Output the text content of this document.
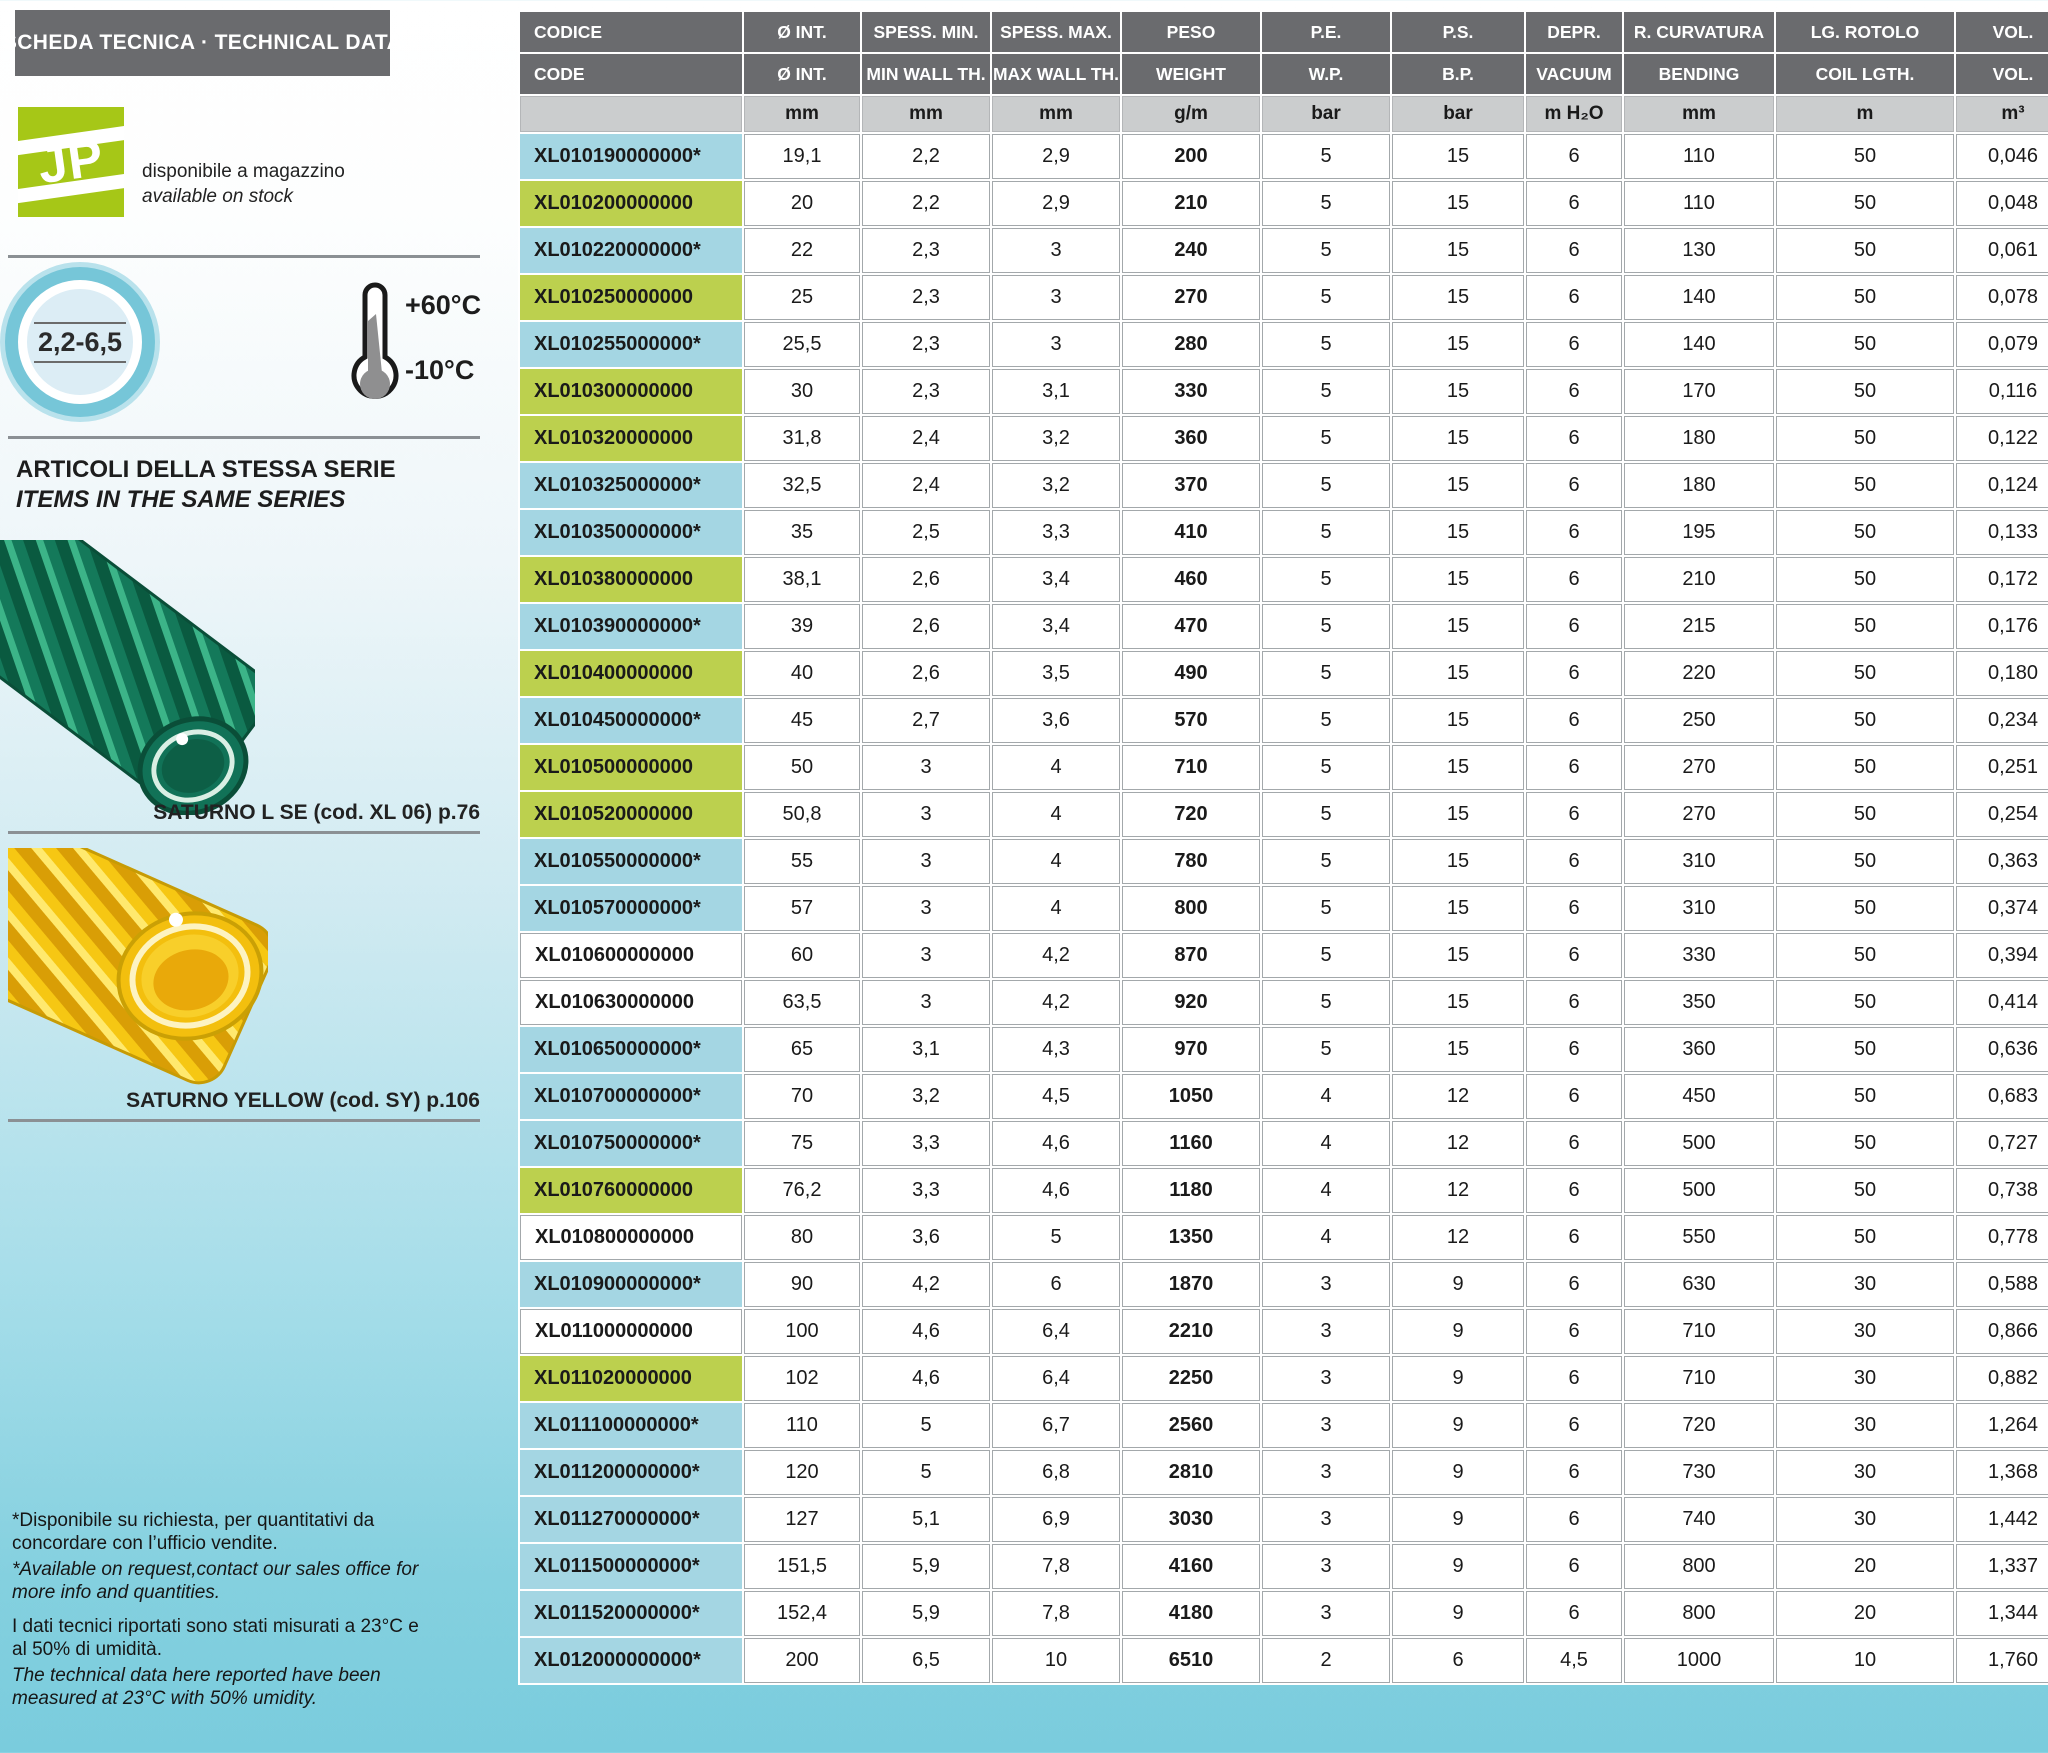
SCHEDA TECNICA · TECHNICAL DATA
JP	disponibile a magazzino
available on stock
2,2-6,5
+60°C
-10°C
ARTICOLI DELLA STESSA SERIE
ITEMS IN THE SAME SERIES
SATURNO L SE (cod. XL 06) p.76
SATURNO YELLOW (cod. SY) p.106

*Disponibile su richiesta, per quantitativi da concordare con l’ufficio vendite.

*Available on request,contact our sales office for more info and quantities.

I dati tecnici riportati sono stati misurati a 23°C e al 50% di umidità.

The technical data here reported have been measured at 23°C with 50% umidity.

CODICE	Ø INT.	SPESS. MIN.	SPESS. MAX.	PESO	P.E.	P.S.	DEPR.	R. CURVATURA	LG. ROTOLO	VOL.
CODE	Ø INT.	MIN WALL TH.	MAX WALL TH.	WEIGHT	W.P.	B.P.	VACUUM	BENDING	COIL LGTH.	VOL.
	mm	mm	mm	g/m	bar	bar	m H₂O	mm	m	m³
XL010190000000*	19,1	2,2	2,9	200	5	15	6	110	50	0,046
XL010200000000	20	2,2	2,9	210	5	15	6	110	50	0,048
XL010220000000*	22	2,3	3	240	5	15	6	130	50	0,061
XL010250000000	25	2,3	3	270	5	15	6	140	50	0,078
XL010255000000*	25,5	2,3	3	280	5	15	6	140	50	0,079
XL010300000000	30	2,3	3,1	330	5	15	6	170	50	0,116
XL010320000000	31,8	2,4	3,2	360	5	15	6	180	50	0,122
XL010325000000*	32,5	2,4	3,2	370	5	15	6	180	50	0,124
XL010350000000*	35	2,5	3,3	410	5	15	6	195	50	0,133
XL010380000000	38,1	2,6	3,4	460	5	15	6	210	50	0,172
XL010390000000*	39	2,6	3,4	470	5	15	6	215	50	0,176
XL010400000000	40	2,6	3,5	490	5	15	6	220	50	0,180
XL010450000000*	45	2,7	3,6	570	5	15	6	250	50	0,234
XL010500000000	50	3	4	710	5	15	6	270	50	0,251
XL010520000000	50,8	3	4	720	5	15	6	270	50	0,254
XL010550000000*	55	3	4	780	5	15	6	310	50	0,363
XL010570000000*	57	3	4	800	5	15	6	310	50	0,374
XL010600000000	60	3	4,2	870	5	15	6	330	50	0,394
XL010630000000	63,5	3	4,2	920	5	15	6	350	50	0,414
XL010650000000*	65	3,1	4,3	970	5	15	6	360	50	0,636
XL010700000000*	70	3,2	4,5	1050	4	12	6	450	50	0,683
XL010750000000*	75	3,3	4,6	1160	4	12	6	500	50	0,727
XL010760000000	76,2	3,3	4,6	1180	4	12	6	500	50	0,738
XL010800000000	80	3,6	5	1350	4	12	6	550	50	0,778
XL010900000000*	90	4,2	6	1870	3	9	6	630	30	0,588
XL011000000000	100	4,6	6,4	2210	3	9	6	710	30	0,866
XL011020000000	102	4,6	6,4	2250	3	9	6	710	30	0,882
XL011100000000*	110	5	6,7	2560	3	9	6	720	30	1,264
XL011200000000*	120	5	6,8	2810	3	9	6	730	30	1,368
XL011270000000*	127	5,1	6,9	3030	3	9	6	740	30	1,442
XL011500000000*	151,5	5,9	7,8	4160	3	9	6	800	20	1,337
XL011520000000*	152,4	5,9	7,8	4180	3	9	6	800	20	1,344
XL012000000000*	200	6,5	10	6510	2	6	4,5	1000	10	1,760
